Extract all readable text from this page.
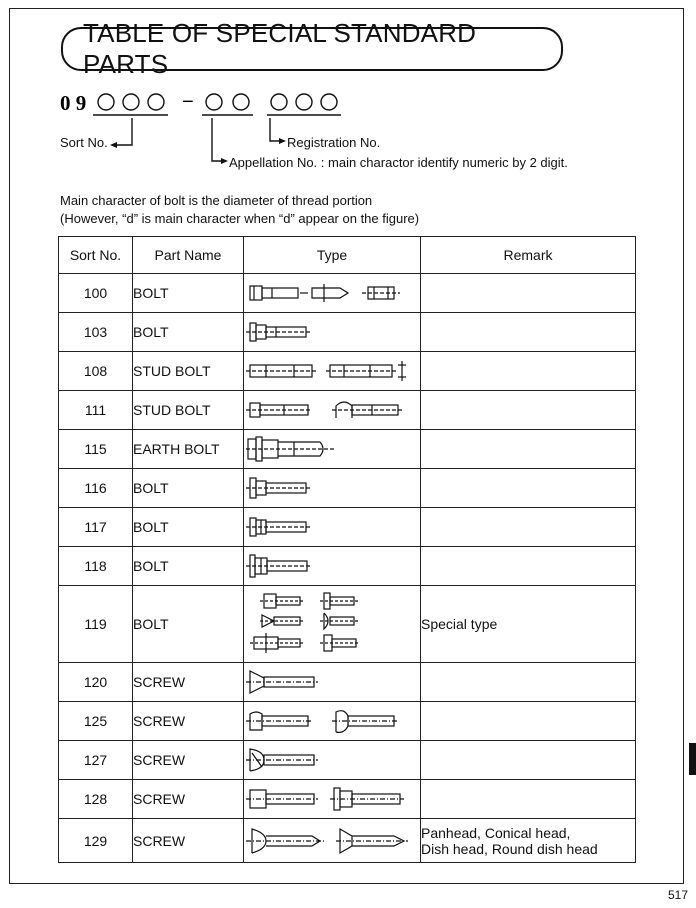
TABLE OF SPECIAL STANDARD PARTS
0 9	−
Sort No.	Registration No.
Appellation No. : main charactor identify numeric by 2 digit.
Main character of bolt is the diameter of thread portion
(However, “d” is main character when “d” appear on the figure)
Sort No.	Part Name	Type	Remark
100	BOLT	

103	BOLT	

108	STUD BOLT	

111	STUD BOLT	

115	EARTH BOLT	

116	BOLT	

117	BOLT	

118	BOLT	

119	BOLT		Special type
120	SCREW	

125	SCREW	

127	SCREW	

128	SCREW	

129	SCREW		Panhead, Conical head,
Dish head, Round dish head
517
